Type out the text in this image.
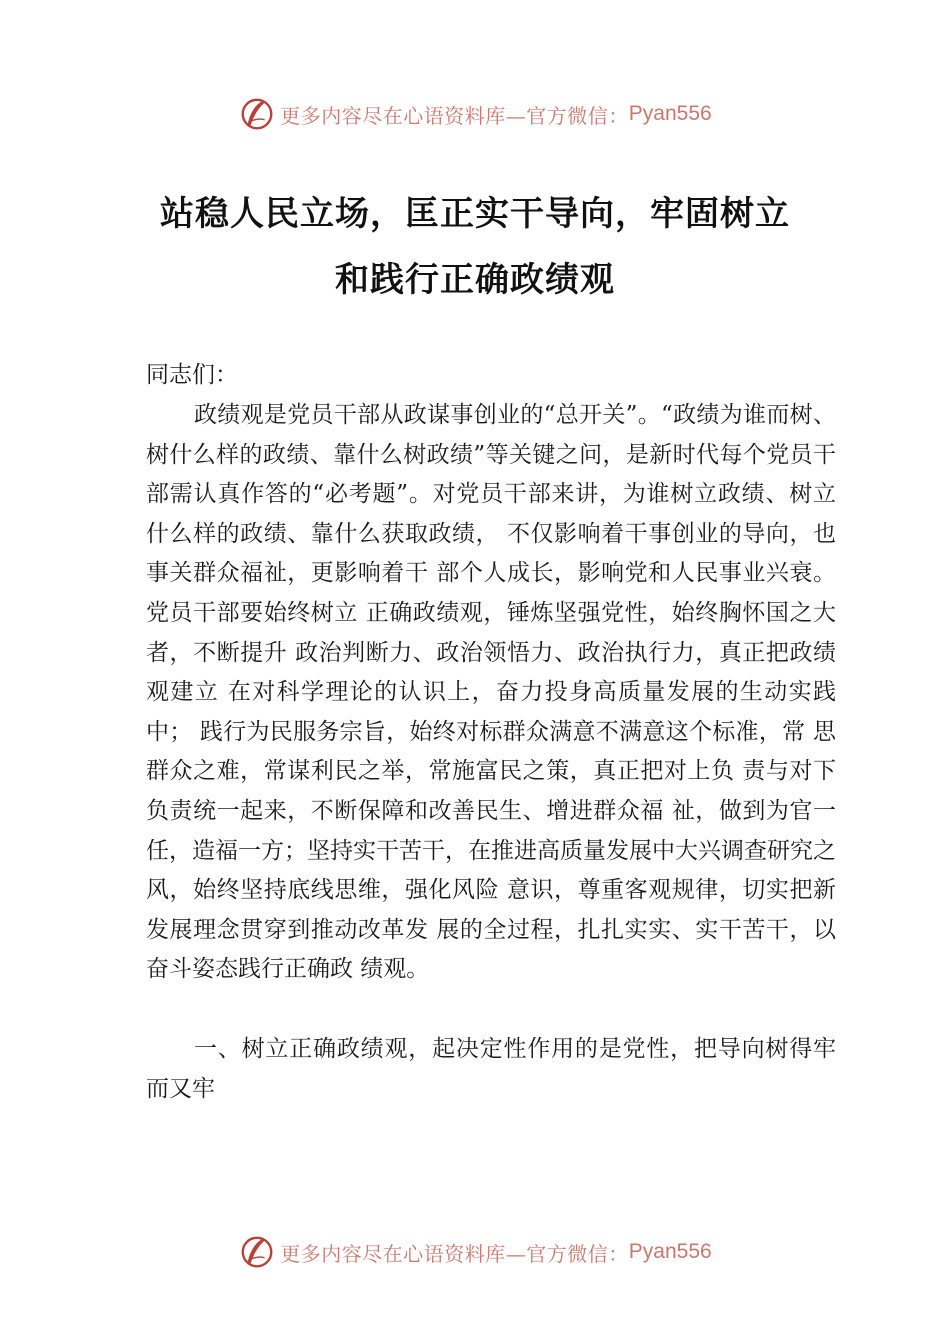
更多内容尽在心语资料库—官方微信： Pyan556
站稳人民立场，匡正实干导向，牢固树立
和践行正确政绩观
同志们：

政绩观是党员干部从政谋事创业的“总开关”。“政绩为谁而树、树什么样的政绩、靠什么树政绩”等关键之问，是新时代每个党员干部需认真作答的“必考题”。对党员干部来讲，为谁树立政绩、树立什么样的政绩、靠什么获取政绩， 不仅影响着干事创业的导向，也事关群众福祉，更影响着干 部个人成长，影响党和人民事业兴衰。党员干部要始终树立 正确政绩观，锤炼坚强党性，始终胸怀国之大者，不断提升 政治判断力、政治领悟力、政治执行力，真正把政绩观建立 在对科学理论的认识上，奋力投身高质量发展的生动实践中； 践行为民服务宗旨，始终对标群众满意不满意这个标准，常 思群众之难，常谋利民之举，常施富民之策，真正把对上负 责与对下负责统一起来，不断保障和改善民生、增进群众福 祉，做到为官一任，造福一方；坚持实干苦干，在推进高质量发展中大兴调查研究之风，始终坚持底线思维，强化风险 意识，尊重客观规律，切实把新发展理念贯穿到推动改革发 展的全过程，扎扎实实、实干苦干，以奋斗姿态践行正确政 绩观。

一、树立正确政绩观，起决定性作用的是党性，把导向树得牢而又牢

更多内容尽在心语资料库—官方微信： Pyan556
